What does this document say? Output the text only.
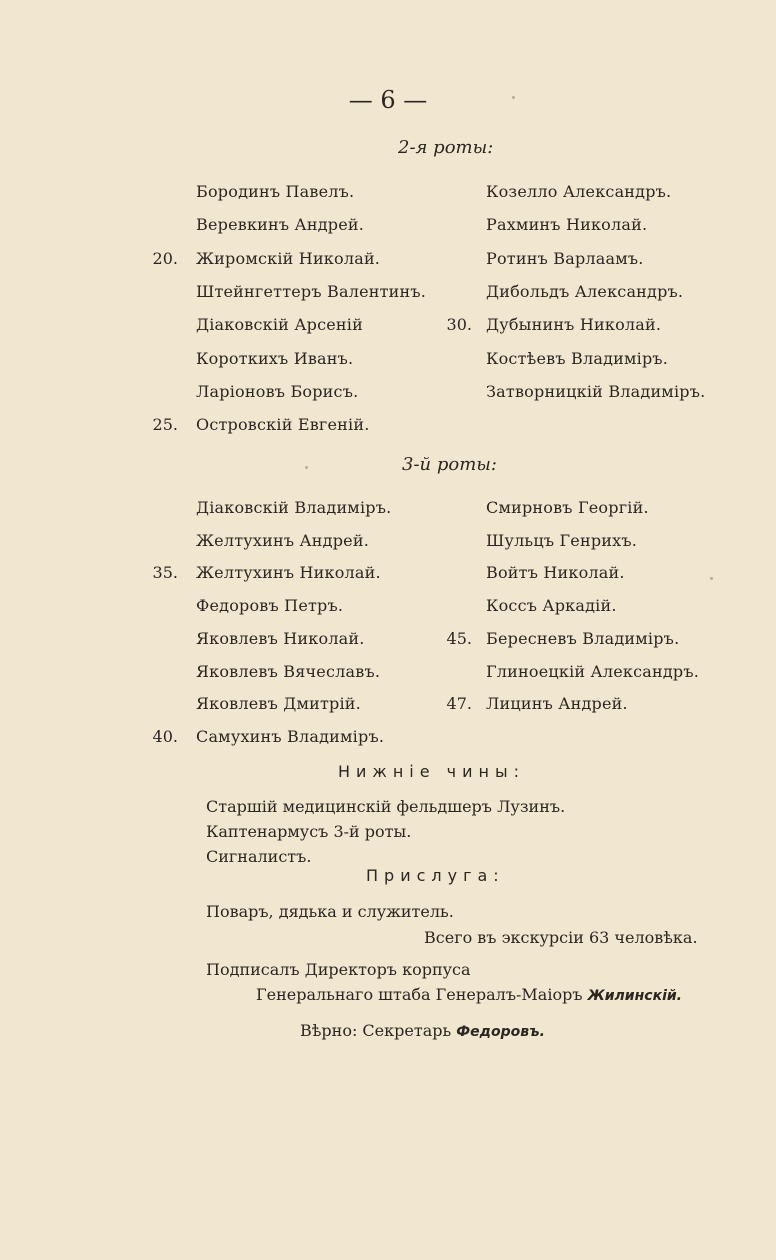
— 6 —
2-я роты:
Бородинъ Павелъ.
Веревкинъ Андрей.
20. Жиромскій Николай.
Штейнгеттеръ Валентинъ.
Діаковскій Арсеній
Короткихъ Иванъ.
Ларіоновъ Борисъ.
25. Островскій Евгеній.
Козелло Александръ.
Рахминъ Николай.
Ротинъ Варлаамъ.
Дибольдъ Александръ.
30. Дубынинъ Николай.
Костѣевъ Владиміръ.
Затворницкій Владиміръ.
3-й роты:
Діаковскій Владиміръ.
Желтухинъ Андрей.
35. Желтухинъ Николай.
Федоровъ Петръ.
Яковлевъ Николай.
Яковлевъ Вячеславъ.
Яковлевъ Дмитрій.
40. Самухинъ Владиміръ.
Смирновъ Георгій.
Шульцъ Генрихъ.
Войтъ Николай.
Коссъ Аркадій.
45. Бересневъ Владиміръ.
Глиноецкій Александръ.
47. Лицинъ Андрей.
Нижніе чины:
Старшій медицинскій фельдшеръ Лузинъ.
Каптенармусъ 3-й роты.
Сигналистъ.
Прислуга:
Поваръ, дядька и служитель.
Всего въ экскурсіи 63 человѣка.
Подписалъ Директоръ корпуса
Генеральнаго штаба Генералъ-Маіоръ Жилинскій.
Вѣрно: Секретарь Федоровъ.
